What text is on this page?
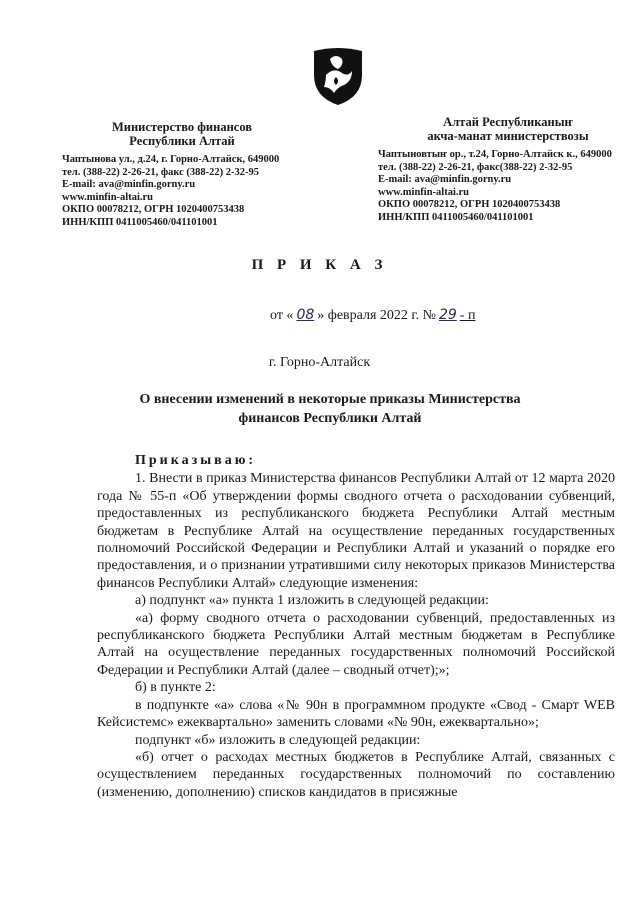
Министерство финансов
Республики Алтай
Чаптынова ул., д.24, г. Горно-Алтайск, 649000
тел. (388-22) 2-26-21, факс (388-22) 2-32-95
E-mail: ava@minfin.gorny.ru
www.minfin-altai.ru
ОКПО 00078212, ОГРН 1020400753438
ИНН/КПП 0411005460/041101001
Алтай Республиканыҥ
акча-манат министерствозы
Чаптыновтыҥ ор., т.24, Горно-Алтайск к., 649000
тел. (388-22) 2-26-21, факс(388-22) 2-32-95
E-mail: ava@minfin.gorny.ru
www.minfin-altai.ru
ОКПО 00078212, ОГРН 1020400753438
ИНН/КПП 0411005460/041101001
П Р И К А З
от « 08 » февраля 2022 г. № 29 - п
г. Горно-Алтайск
О внесении изменений в некоторые приказы Министерства финансов Республики Алтай

Приказываю:

1. Внести в приказ Министерства финансов Республики Алтай от 12 марта 2020 года № 55-п «Об утверждении формы сводного отчета о расходовании субвенций, предоставленных из республиканского бюджета Республики Алтай местным бюджетам в Республике Алтай на осуществление переданных государственных полномочий Российской Федерации и Республики Алтай и указаний о порядке его предоставления, и о признании утратившими силу некоторых приказов Министерства финансов Республики Алтай» следующие изменения:

а) подпункт «а» пункта 1 изложить в следующей редакции:

«а) форму сводного отчета о расходовании субвенций, предоставленных из республиканского бюджета Республики Алтай местным бюджетам в Республике Алтай на осуществление переданных государственных полномочий Российской Федерации и Республики Алтай (далее – сводный отчет);»;

б) в пункте 2:

в подпункте «а» слова «№ 90н в программном продукте «Свод - Смарт WEB Кейсистемс» ежеквартально» заменить словами «№ 90н, ежеквартально»;

подпункт «б» изложить в следующей редакции:

«б) отчет о расходах местных бюджетов в Республике Алтай, связанных с осуществлением переданных государственных полномочий по составлению (изменению, дополнению) списков кандидатов в присяжные
